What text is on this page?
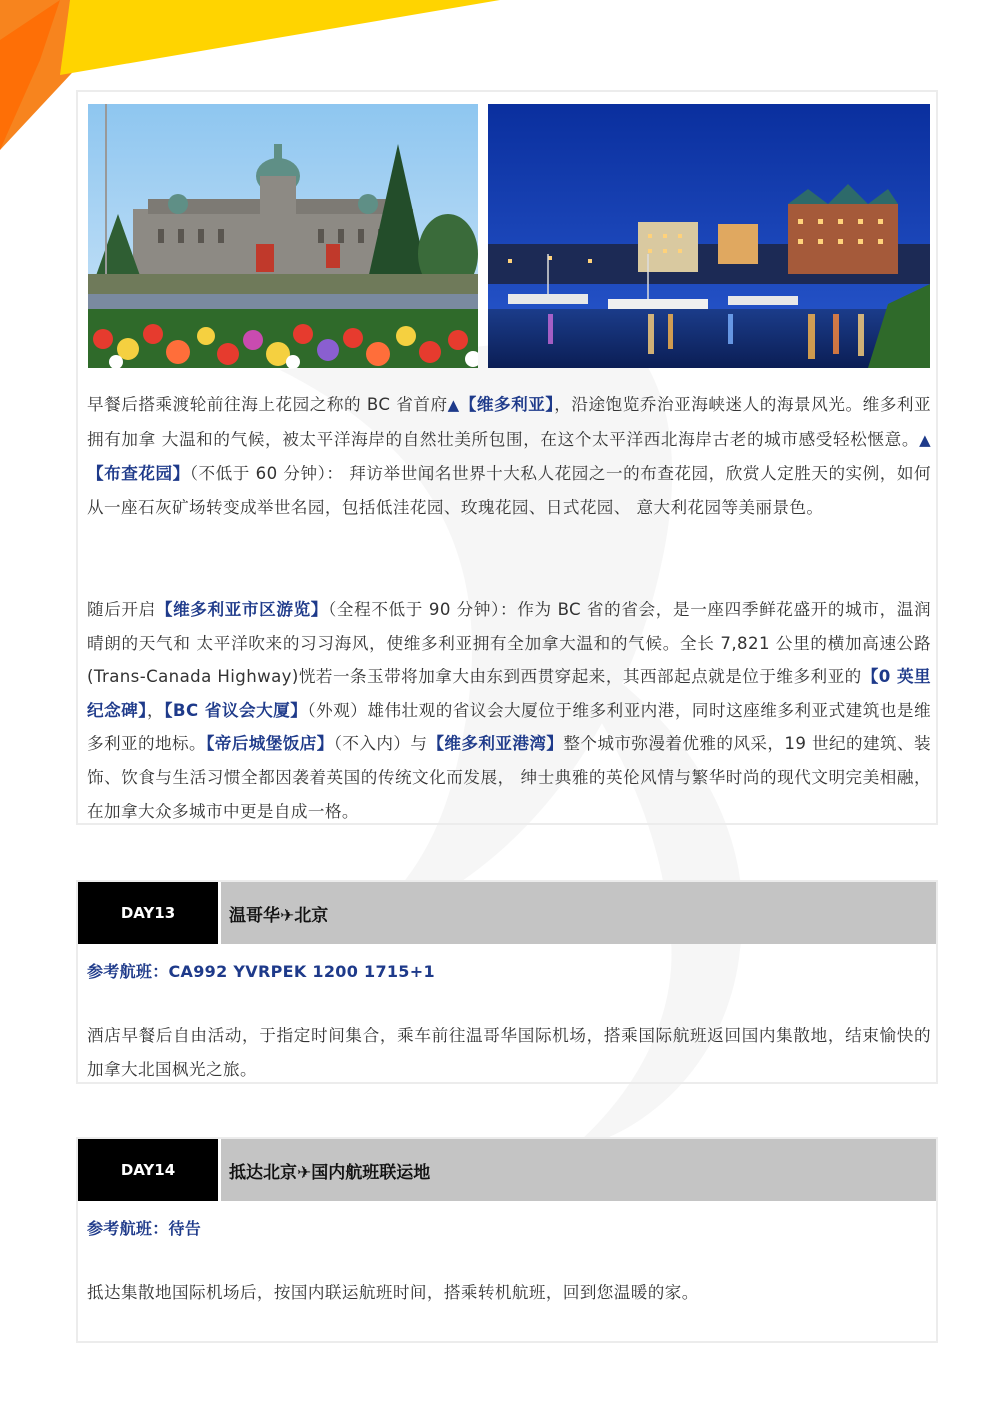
早餐后搭乘渡轮前往海上花园之称的 BC 省首府▲【维多利亚】，沿途饱览乔治亚海峡迷人的海景风光。维多利亚拥有加拿 大温和的气候，被太平洋海岸的自然壮美所包围，在这个太平洋西北海岸古老的城市感受轻松惬意。▲【布查花园】（不低于 60 分钟）： 拜访举世闻名世界十大私人花园之一的布查花园，欣赏人定胜天的实例，如何从一座石灰矿场转变成举世名园，包括低洼花园、玫瑰花园、日式花园、 意大利花园等美丽景色。
随后开启【维多利亚市区游览】（全程不低于 90 分钟）：作为 BC 省的省会，是一座四季鲜花盛开的城市，温润晴朗的天气和 太平洋吹来的习习海风，使维多利亚拥有全加拿大温和的气候。全长 7,821 公里的横加高速公路(Trans-Canada Highway)恍若一条玉带将加拿大由东到西贯穿起来，其西部起点就是位于维多利亚的【0 英里纪念碑】，【BC 省议会大厦】（外观）雄伟壮观的省议会大厦位于维多利亚内港，同时这座维多利亚式建筑也是维多利亚的地标。【帝后城堡饭店】（不入内）与【维多利亚港湾】整个城市弥漫着优雅的风采，19 世纪的建筑、装饰、饮食与生活习惯全都因袭着英国的传统文化而发展， 绅士典雅的英伦风情与繁华时尚的现代文明完美相融，在加拿大众多城市中更是自成一格。
DAY13	温哥华✈北京
参考航班：CA992 YVRPEK 1200 1715+1
酒店早餐后自由活动，于指定时间集合，乘车前往温哥华国际机场，搭乘国际航班返回国内集散地，结束愉快的加拿大北国枫光之旅。
DAY14	抵达北京✈国内航班联运地
参考航班：待告
抵达集散地国际机场后，按国内联运航班时间，搭乘转机航班，回到您温暖的家。
